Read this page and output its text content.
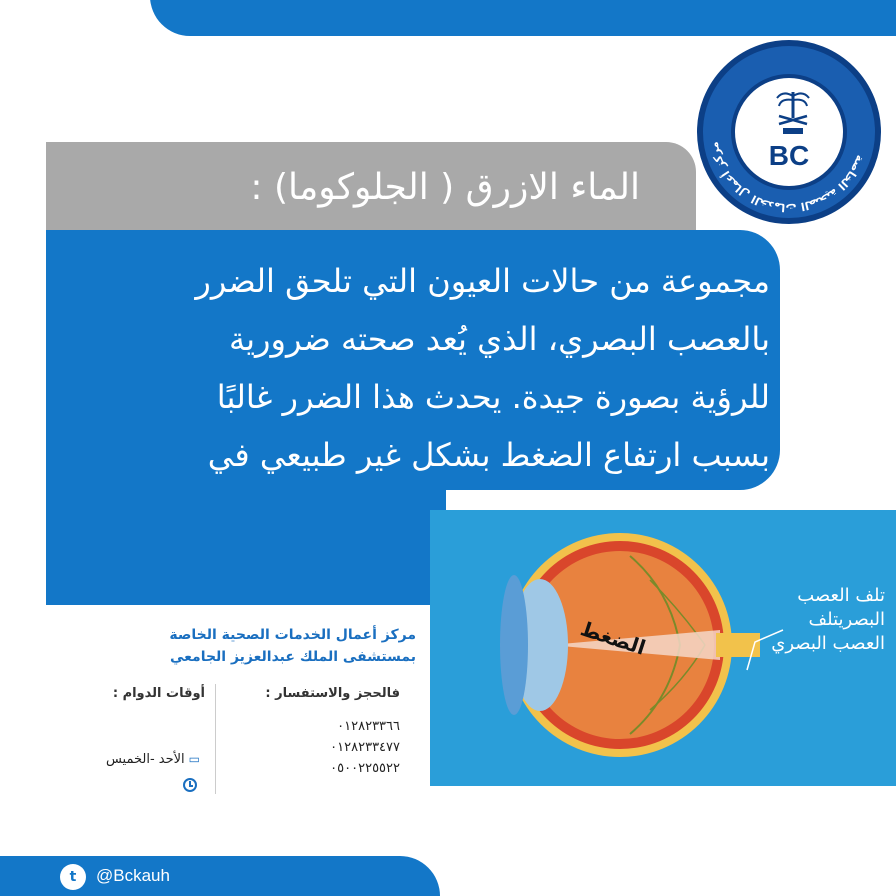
الماء الازرق ( الجلوكوما) :
مجموعة من حالات العيون التي تلحق الضرر
بالعصب البصري، الذي يُعد صحته ضرورية
للرؤية بصورة جيدة. يحدث هذا الضرر غالبًا
بسبب ارتفاع الضغط بشكل غير طبيعي في
مركز أعمال الخدمات الصحية الخاصة	BC
الضغط
تلف العصب
البصريتلف
العصب البصري
مركز أعمال الخدمات الصحية الخاصة
بمستشفى الملك عبدالعزيز الجامعي
فالحجز والاستفسار :
٠١٢٨٢٣٣٦٦
٠١٢٨٢٣٣٤٧٧
٠٥٠٠٢٢٥٥٢٢
أوقات الدوام :
▭الأحد -الخميس
t	@Bckauh
